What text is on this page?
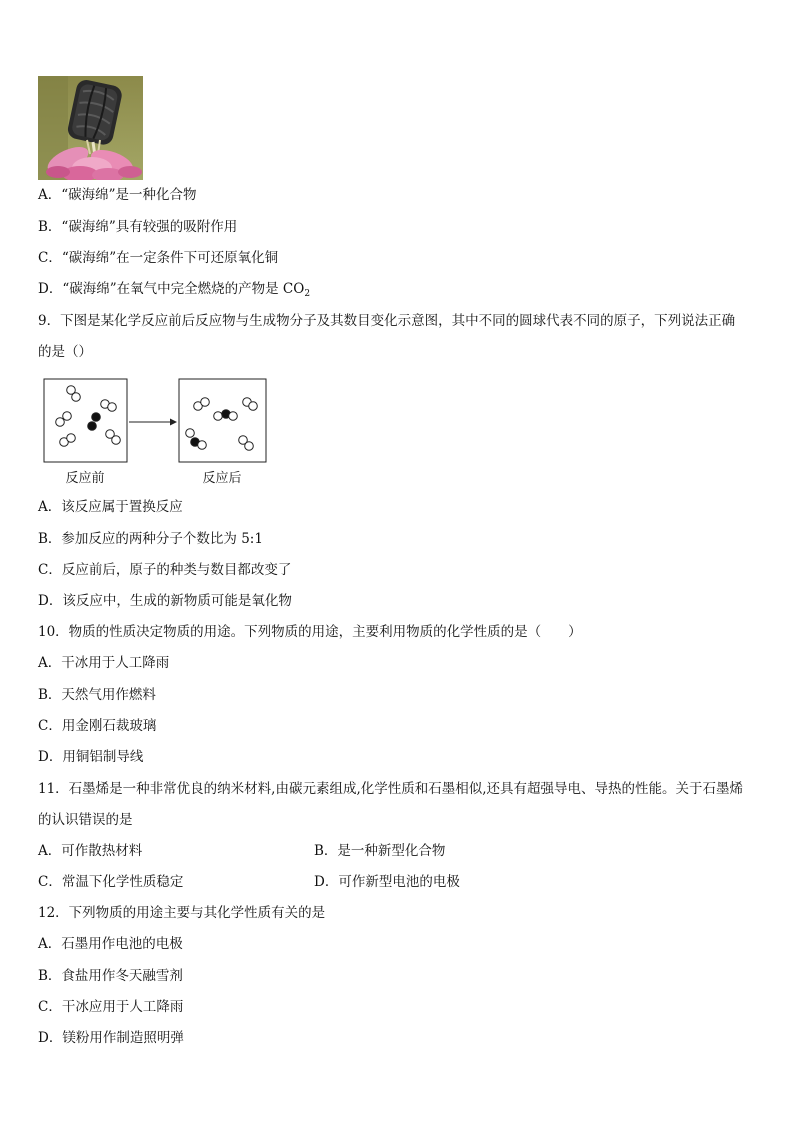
A．“碳海绵”是一种化合物
B．“碳海绵”具有较强的吸附作用
C．“碳海绵”在一定条件下可还原氧化铜
D．“碳海绵”在氧气中完全燃烧的产物是 $CO_2$
9．下图是某化学反应前后反应物与生成物分子及其数目变化示意图，其中不同的圆球代表不同的原子，下列说法正确
的是（）
反应前	反应后
A．该反应属于置换反应
B．参加反应的两种分子个数比为 5:1
C．反应前后，原子的种类与数目都改变了
D．该反应中，生成的新物质可能是氧化物
10．物质的性质决定物质的用途。下列物质的用途，主要利用物质的化学性质的是（　　）
A．干冰用于人工降雨
B．天然气用作燃料
C．用金刚石裁玻璃
D．用铜铝制导线
11．石墨烯是一种非常优良的纳米材料,由碳元素组成,化学性质和石墨相似,还具有超强导电、导热的性能。关于石墨烯
的认识错误的是
A．可作散热材料	B．是一种新型化合物
C．常温下化学性质稳定	D．可作新型电池的电极
12．下列物质的用途主要与其化学性质有关的是
A．石墨用作电池的电极
B．食盐用作冬天融雪剂
C．干冰应用于人工降雨
D．镁粉用作制造照明弹
